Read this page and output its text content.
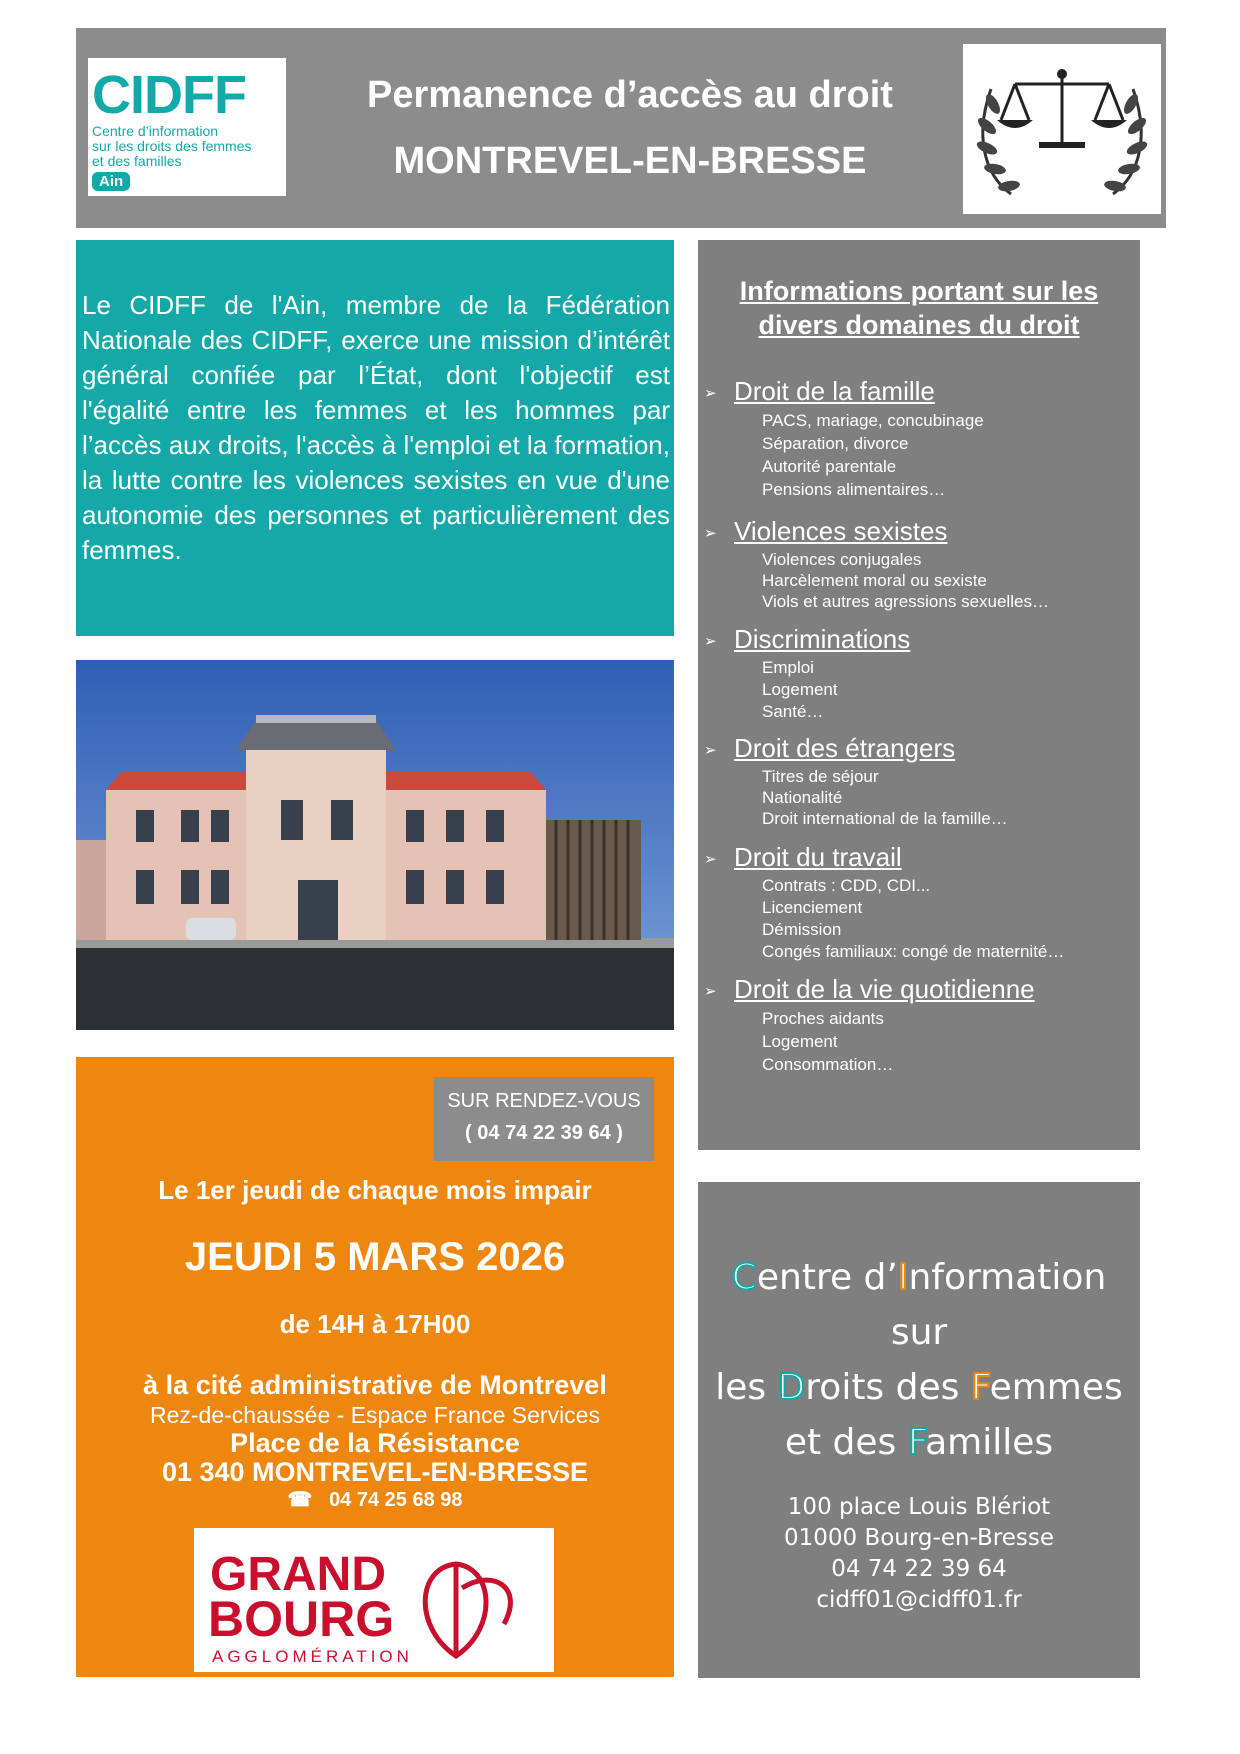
CIDFF
Centre d’information
sur les droits des femmes
et des familles
Ain
Permanence d’accès au droit
MONTREVEL-EN-BRESSE
Le CIDFF de l'Ain, membre de la Fédération Nationale des CIDFF, exerce une mission d’intérêt général confiée par l’État, dont l'objectif est l'égalité entre les femmes et les hommes par l’accès aux droits, l'accès à l'emploi et la formation, la lutte contre les violences sexistes en vue d'une autonomie des personnes et particulièrement des femmes.
Le 1er jeudi de chaque mois impair
JEUDI 5 MARS 2026
de 14H à 17H00
à la cité administrative de Montrevel
Rez-de-chaussée - Espace France Services
Place de la Résistance
01 340 MONTREVEL-EN-BRESSE
☎ 04 74 25 68 98
SUR RENDEZ-VOUS
( 04 74 22 39 64 )
GRAND
BOURG
AGGLOMÉRATION
Informations portant sur les
divers domaines du droit
➢ Droit de la famille
PACS, mariage, concubinage
Séparation, divorce
Autorité parentale
Pensions alimentaires…
➢ Violences sexistes
Violences conjugales
Harcèlement moral ou sexiste
Viols et autres agressions sexuelles…
➢ Discriminations
Emploi
Logement
Santé…
➢ Droit des étrangers
Titres de séjour
Nationalité
Droit international de la famille…
➢ Droit du travail
Contrats : CDD, CDI...
Licenciement
Démission
Congés familiaux: congé de maternité…
➢ Droit de la vie quotidienne
Proches aidants
Logement
Consommation…
Centre d’Information
sur
les Droits des Femmes
et des Familles
100 place Louis Blériot
01000 Bourg-en-Bresse
04 74 22 39 64
cidff01@cidff01.fr
